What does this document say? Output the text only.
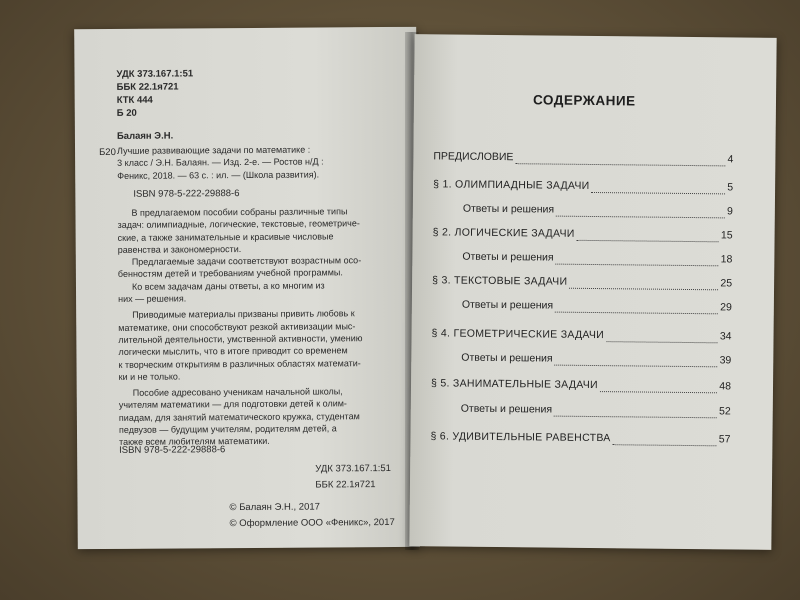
УДК 373.167.1:51
ББК 22.1я721
КТК 444
Б 20
Балаян Э.Н.
Б20 Лучшие развивающие задачи по математике :
3 класс / Э.Н. Балаян. — Изд. 2-е. — Ростов н/Д :
Феникс, 2018. — 63 с. : ил. — (Школа развития).
ISBN 978-5-222-29888-6
В предлагаемом пособии собраны различные типы
задач: олимпиадные, логические, текстовые, геометриче-
ские, а также занимательные и красивые числовые
равенства и закономерности.
Предлагаемые задачи соответствуют возрастным осо-
бенностям детей и требованиям учебной программы.
Ко всем задачам даны ответы, а ко многим из
них — решения.
Приводимые материалы призваны привить любовь к
математике, они способствуют резкой активизации мыс-
лительной деятельности, умственной активности, умению
логически мыслить, что в итоге приводит со временем
к творческим открытиям в различных областях математи-
ки и не только.
Пособие адресовано ученикам начальной школы,
учителям математики — для подготовки детей к олим-
пиадам, для занятий математического кружка, студентам
педвузов — будущим учителям, родителям детей, а
также всем любителям математики.
ISBN 978-5-222-29888-6
УДК 373.167.1:51
ББК 22.1я721
© Балаян Э.Н., 2017
© Оформление ООО «Феникс», 2017
СОДЕРЖАНИЕ
ПРЕДИСЛОВИЕ	4
§ 1. ОЛИМПИАДНЫЕ ЗАДАЧИ	5
Ответы и решения	9
§ 2. ЛОГИЧЕСКИЕ ЗАДАЧИ	15
Ответы и решения	18
§ 3. ТЕКСТОВЫЕ ЗАДАЧИ	25
Ответы и решения	29
§ 4. ГЕОМЕТРИЧЕСКИЕ ЗАДАЧИ	34
Ответы и решения	39
§ 5. ЗАНИМАТЕЛЬНЫЕ ЗАДАЧИ	48
Ответы и решения	52
§ 6. УДИВИТЕЛЬНЫЕ РАВЕНСТВА	57
